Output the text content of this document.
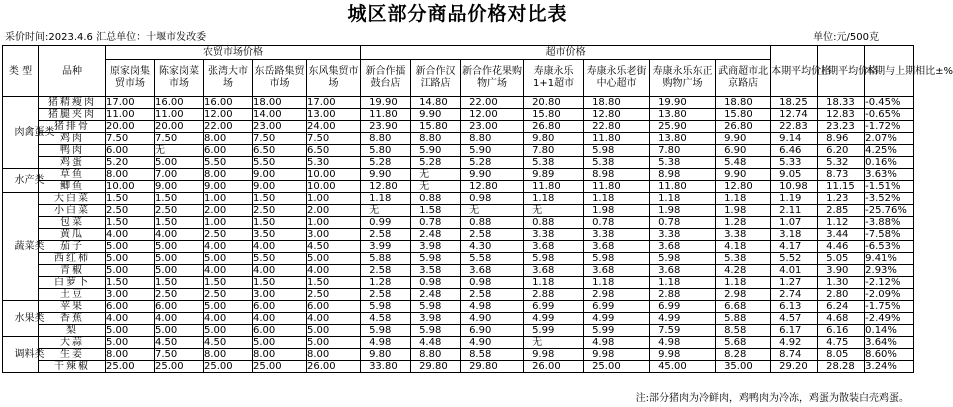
城区部分商品价格对比表
采价时间:2023.4.6 汇总单位：十堰市发改委	单位:元/500克
类 型	品种	农贸市场价格					超市价格							本期平均价格	上期平均价格	本期与上期相比±%
		原家岗集贸市场	陈家岗菜市场	张湾大市场	东岳路集贸市场	东风集贸市场	新合作擂鼓台店	新合作汉江路店	新合作花果购物广场	寿康永乐1+1超市	寿康永乐老街中心超市	寿康永乐东正购物广场	武商超市北京路店			
肉禽蛋类	猪精瘦肉	17.00	16.00	16.00	18.00	17.00	19.90	14.80	22.00	20.80	18.80	19.90	18.80	18.25	18.33	-0.45%
	猪腿夹肉	11.00	11.00	12.00	14.00	13.00	11.80	9.90	12.00	15.80	12.80	13.80	15.80	12.74	12.83	-0.65%
	猪排骨	20.00	20.00	22.00	23.00	24.00	23.90	15.80	23.00	26.80	22.80	25.90	26.80	22.83	23.23	-1.72%
	鸡肉	7.50	7.50	8.00	7.50	7.50	8.80	8.80	8.80	9.80	11.80	13.80	9.90	9.14	8.96	2.07%
	鸭肉	6.00	无	6.00	6.50	6.50	5.80	5.90	5.90	7.80	5.98	7.80	6.90	6.46	6.20	4.25%
	鸡蛋	5.20	5.00	5.50	5.50	5.30	5.28	5.28	5.28	5.38	5.38	5.38	5.48	5.33	5.32	0.16%
水产类	草鱼	8.00	7.00	8.00	9.00	10.00	9.90	无	9.90	9.89	8.98	8.98	9.90	9.05	8.73	3.63%
	鲫鱼	10.00	9.00	9.00	9.00	10.00	12.80	无	12.80	11.80	11.80	11.80	12.80	10.98	11.15	-1.51%
蔬菜类	大白菜	1.50	1.50	1.00	1.50	1.00	1.18	0.88	0.98	1.18	1.18	1.18	1.18	1.19	1.23	-3.52%
	小白菜	2.50	2.50	2.00	2.50	2.00	无	1.58	无	无	1.98	1.98	1.98	2.11	2.85	-25.76%
	包菜	1.50	1.50	1.00	1.50	1.00	0.99	0.78	0.88	0.88	0.78	0.78	1.28	1.07	1.12	-3.88%
	黄瓜	4.00	4.00	2.50	3.50	3.00	2.58	2.48	2.58	3.38	3.38	3.38	3.38	3.18	3.44	-7.58%
	茄子	5.00	5.00	4.00	4.00	4.50	3.99	3.98	4.30	3.68	3.68	3.68	4.18	4.17	4.46	-6.53%
	西红柿	5.00	5.00	5.00	5.50	5.00	5.88	5.98	5.58	5.98	5.98	5.98	5.38	5.52	5.05	9.41%
	青椒	5.00	5.00	4.00	4.00	4.00	2.58	3.58	3.68	3.68	3.68	3.68	4.28	4.01	3.90	2.93%
	白萝卜	1.50	1.50	1.50	1.50	1.50	1.28	0.98	0.98	1.18	1.18	1.18	1.18	1.27	1.30	-2.12%
	土豆	3.00	2.50	2.50	3.00	2.50	2.58	2.48	2.58	2.88	2.98	2.88	2.98	2.74	2.80	-2.09%
水果类	苹果	6.00	6.00	5.00	6.00	6.00	5.98	5.98	4.98	6.99	6.99	6.99	6.68	6.13	6.24	-1.75%
	香蕉	4.00	4.00	4.00	4.00	4.00	4.58	3.98	4.90	4.99	4.99	4.99	5.88	4.57	4.68	-2.49%
	梨	5.00	5.00	5.00	6.00	5.00	5.98	5.98	6.90	5.99	5.99	7.59	8.58	6.17	6.16	0.14%
调料类	大蒜	5.00	4.50	4.50	5.00	5.00	4.98	4.48	4.90	无	4.98	4.98	5.68	4.92	4.75	3.64%
	生姜	8.00	7.50	8.00	8.00	8.00	9.80	8.80	8.58	9.98	9.98	9.98	8.28	8.74	8.05	8.60%
	干辣椒	25.00	25.00	25.00	25.00	26.00	33.80	29.80	29.80	26.00	25.00	45.00	35.00	29.20	28.28	3.24%
注:部分猪肉为冷鲜肉，鸡鸭肉为冷冻，鸡蛋为散装白壳鸡蛋。
